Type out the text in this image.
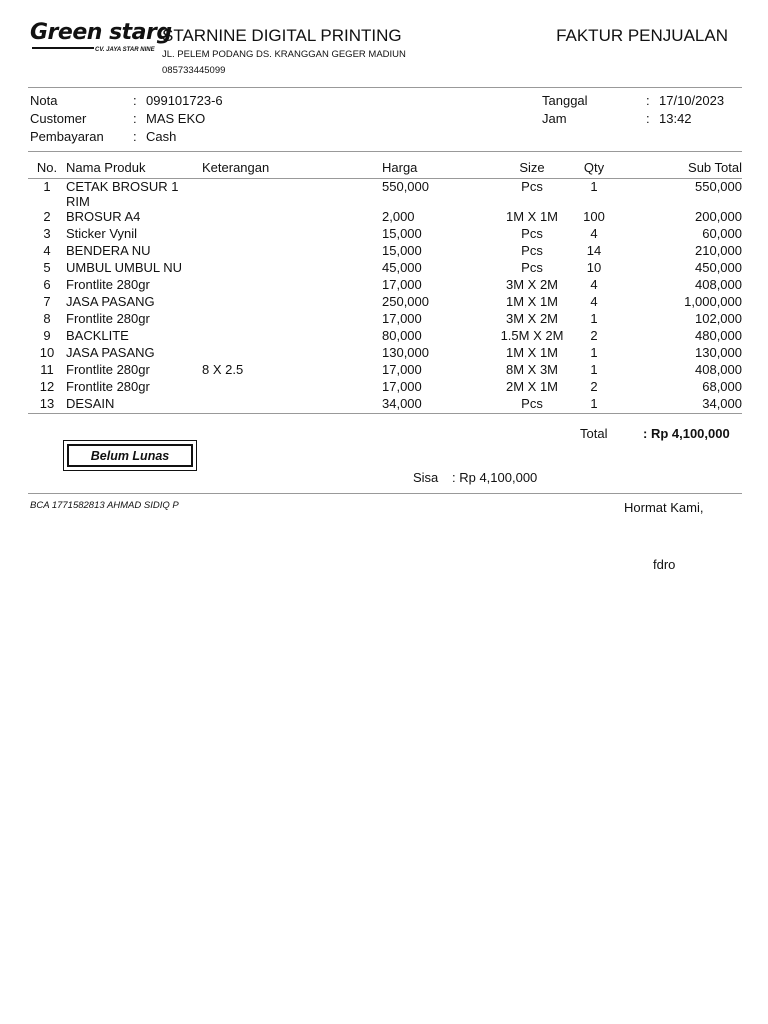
Green starg
CV. JAYA STAR NINE
STARNINE DIGITAL PRINTING
JL. PELEM PODANG DS. KRANGGAN GEGER MADIUN
085733445099
FAKTUR PENJUALAN
Nota	: 099101723-6
Customer	: MAS EKO
Pembayaran : Cash
Tanggal	: 17/10/2023
Jam	: 13:42
No.	Nama Produk	Keterangan	Harga	Size	Qty	Sub Total
1	CETAK BROSUR 1 RIM		550,000	Pcs	1	550,000
2	BROSUR A4		2,000	1M X 1M	100	200,000
3	Sticker Vynil		15,000	Pcs	4	60,000
4	BENDERA NU		15,000	Pcs	14	210,000
5	UMBUL UMBUL NU		45,000	Pcs	10	450,000
6	Frontlite 280gr		17,000	3M X 2M	4	408,000
7	JASA PASANG		250,000	1M X 1M	4	1,000,000
8	Frontlite 280gr		17,000	3M X 2M	1	102,000
9	BACKLITE		80,000	1.5M X 2M	2	480,000
10	JASA PASANG		130,000	1M X 1M	1	130,000
11	Frontlite 280gr	8 X 2.5	17,000	8M X 3M	1	408,000
12	Frontlite 280gr		17,000	2M X 1M	2	68,000
13	DESAIN		34,000	Pcs	1	34,000
Total	: Rp 4,100,000
Belum Lunas
Sisa : Rp 4,100,000
BCA 1771582813 AHMAD SIDIQ P	Hormat Kami,
fdro
